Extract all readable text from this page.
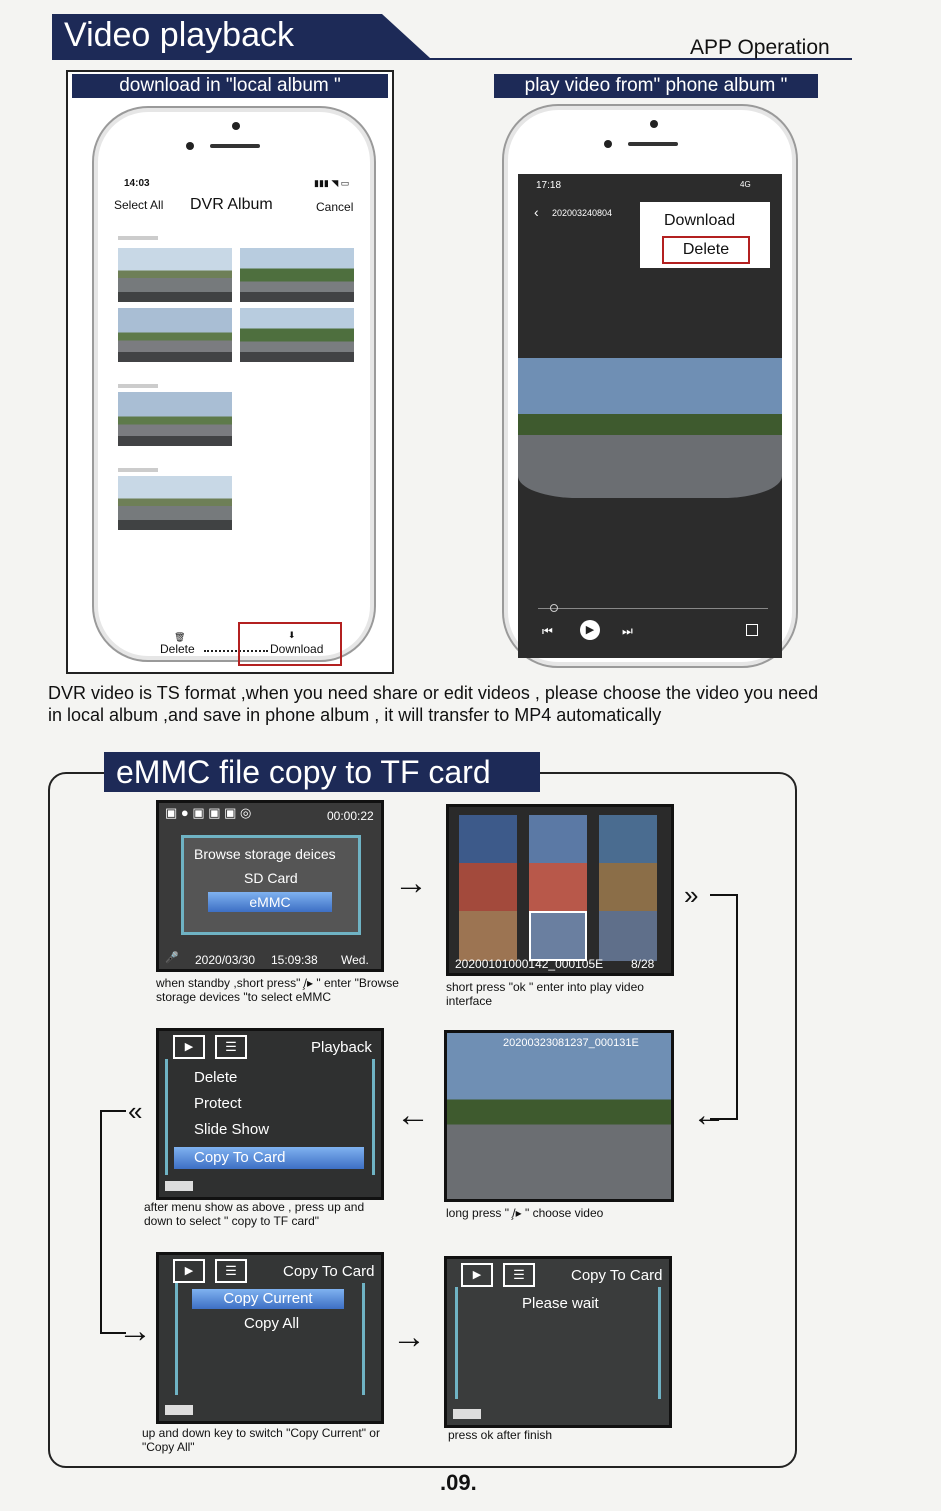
Video playback	APP Operation
download in "local album "
14:03	▮▮▮ ◥ ▭
Select All DVR Album	Cancel
🗑
Delete
⬇
Download
play video from" phone album "
17:18	4G
‹ 202003240804	Download
Delete
⏮	▶	⏭
DVR video is TS format ,when you need share or edit videos , please choose the video you need in local album ,and save in phone album , it will transfer to MP4 automatically
eMMC file copy to TF card
▣ ● ▣ ▣ ▣ ◎	00:00:22
Browse storage deices
SD Card
eMMC
🎤 2020/03/30 15:09:38 Wed.
when standby ,short press" ̧/▸ " enter "Browse storage devices "to select eMMC
→
20200101000142_000105E 8/28
short press "ok " enter into play video interface
»
←
20200323081237_000131E
long press " ̧/▸ " choose video
←
▶	☰	Playback
Delete
Protect
Slide Show
Copy To Card
after menu show as above , press up and down to select " copy to TF card"
«
→
▶	☰	Copy To Card
Copy Current
Copy All
up and down key to switch "Copy Current" or "Copy All"
→
▶	☰	Copy To Card
Please wait
press ok after finish
.09.
